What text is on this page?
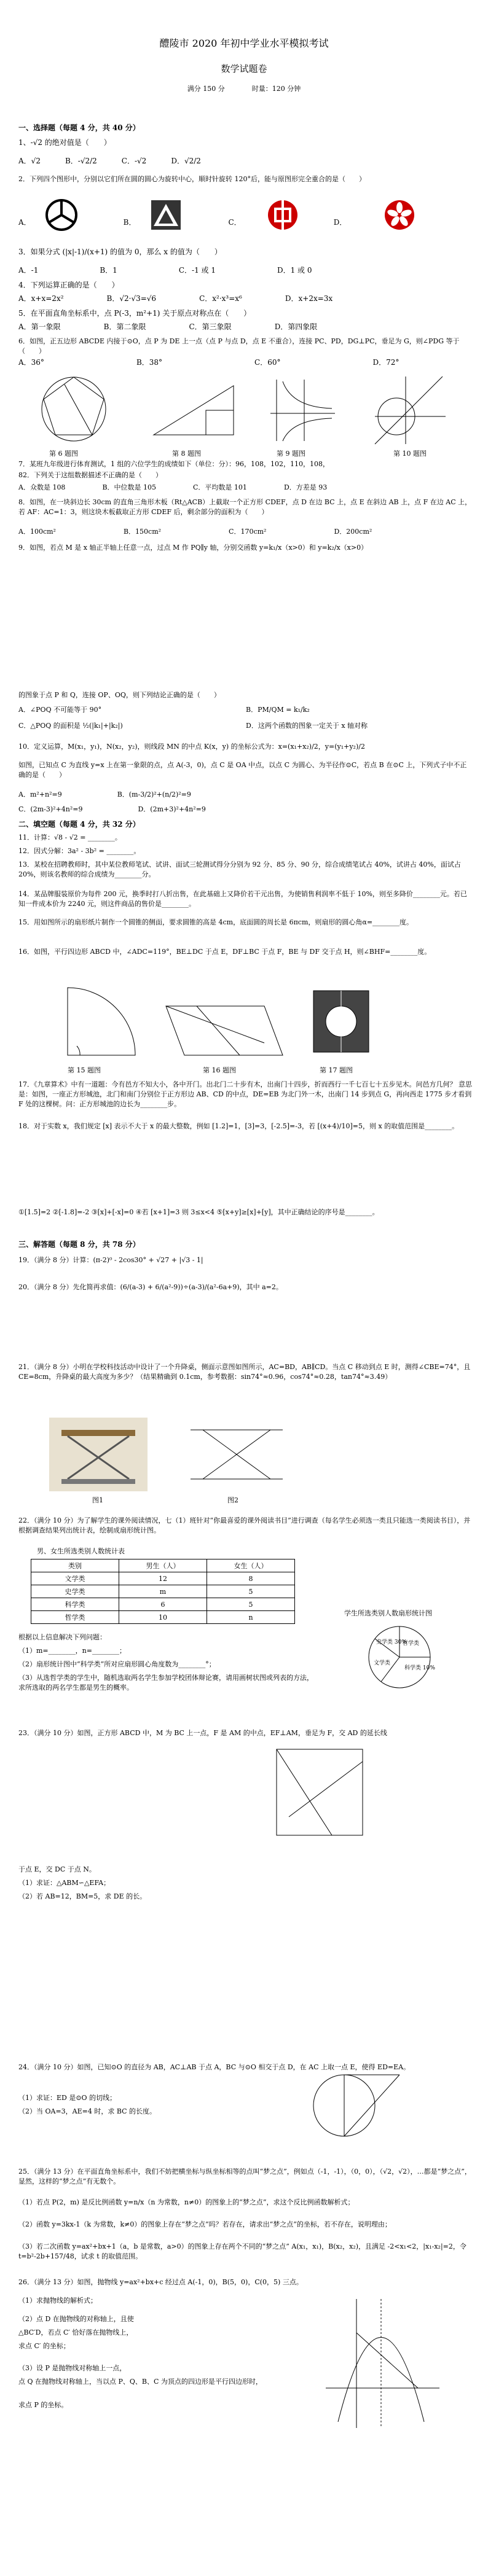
醴陵市 2020 年初中学业水平模拟考试
数学试题卷
满分 150 分　　　　时量：120 分钟
一、选择题（每题 4 分，共 40 分）
1、-√2 的绝对值是（　　）
A．√2	B．-√2/2	C．-√2	D．√2/2
2．下列四个图形中，分别以它们所在圆的圆心为旋转中心，顺时针旋转 120°后，能与原图形完全重合的是（　　）
A．	B．	C．	D．
3．如果分式 (|x|-1)/(x+1) 的值为 0，那么 x 的值为（　　）
A．-1	B．1	C．-1 或 1	D．1 或 0
4．下列运算正确的是（　　）
A．x+x=2x²	B．√2·√3=√6	C．x²·x³=x⁶	D．x+2x=3x
5．在平面直角坐标系中，点 P(-3，m²+1) 关于原点对称点在（　　）
A．第一象限	B．第二象限	C．第三象限	D．第四象限
6．如图，正五边形 ABCDE 内接于⊙O，点 P 为 DE 上一点（点 P 与点 D，点 E 不重合），连接 PC、PD，DG⊥PC，垂足为 G，则∠PDG 等于（　　）
A．36°	B．38°	C．60°	D．72°
第 6 题图	第 8 题图	第 9 题图	第 10 题图
7．某班九年级进行体育测试，1 组的六位学生的成绩如下（单位：分）：96，108，102，110，108，
82．下列关于这组数据描述不正确的是（　　）
A．众数是 108	B．中位数是 105	C．平均数是 101	D．方差是 93
8．如图，在一块斜边长 30cm 的直角三角形木板（Rt△ACB）上截取一个正方形 CDEF，点 D 在边 BC 上，点 E 在斜边 AB 上，点 F 在边 AC 上，若 AF：AC=1：3，则这块木板截取正方形 CDEF 后，剩余部分的面积为（　　）
A．100cm²	B．150cm²	C．170cm²	D．200cm²
9．如图，若点 M 是 x 轴正半轴上任意一点，过点 M 作 PQ∥y 轴，分别交函数 y=k₁/x（x>0）和 y=k₂/x（x>0）
的图象于点 P 和 Q，连接 OP、OQ，则下列结论正确的是（　　）
A．∠POQ 不可能等于 90°	B．PM/QM = k₁/k₂
C．△POQ 的面积是 ½(|k₁|+|k₂|)	D．这两个函数的图象一定关于 x 轴对称
10．定义运算，M(x₁，y₁)，N(x₂，y₂)，则线段 MN 的中点 K(x，y) 的坐标公式为：x=(x₁+x₂)/2，y=(y₁+y₂)/2
如图，已知点 C 为直线 y=x 上在第一象限的点，点 A(-3，0)，点 C 是 OA 中点，以点 C 为圆心、为半径作⊙C，若点 B 在⊙C 上，下列式子中不正确的是（　　）
A．m²+n²=9	B．(m-3/2)²+(n/2)²=9
C．(2m-3)²+4n²=9	D．(2m+3)²+4n²=9
二、填空题（每题 4 分，共 32 分）
11．计算：√8 - √2 = ________。
12．因式分解：3a² - 3b² = ________。
13．某校在招聘教师时，其中某位教师笔试、试讲、面试三轮测试得分分别为 92 分、85 分、90 分，综合成绩笔试占 40%，试讲占 40%，面试占 20%，则该名教师的综合成绩为________分。
14．某品牌服装原价为每件 200 元，换季时打八折出售，在此基础上又降价若干元出售，为使销售利润率不低于 10%，则至多降价________元。若已知一件成本价为 2240 元，则这件商品的售价是________。
15．用如图所示的扇形纸片制作一个圆锥的侧面，要求圆锥的高是 4cm，底面圆的周长是 6πcm，则扇形的圆心角α=________度。
16．如图，平行四边形 ABCD 中，∠ADC=119°，BE⊥DC 于点 E，DF⊥BC 于点 F，BE 与 DF 交于点 H，则∠BHF=________度。
第 15 题图	第 16 题图	第 17 题图
17．《九章算术》中有一道题：今有邑方不知大小，各中开门。出北门二十步有木，出南门十四步，折而西行一千七百七十五步见木。问邑方几何？ 意思是：如图，一座正方形城池，北门和南门分别位于正方形边 AB、CD 的中点，DE=EB 为北门外一木，出南门 14 步到点 G，再向西走 1775 步才看到 F 处的这棵树。问：正方形城池的边长为________步。
18．对于实数 x，我们规定 [x] 表示不大于 x 的最大整数，例如 [1.2]=1，[3]=3，[-2.5]=-3，若 [(x+4)/10]=5，则 x 的取值范围是________。
①[1.5]=2 ②[-1.8]=-2 ③[x]+[-x]=0 ④若 [x+1]=3 则 3≤x<4 ⑤[x+y]≥[x]+[y]，其中正确结论的序号是________。
三、解答题（每题 8 分，共 78 分）
19．（满分 8 分）计算：(π-2)⁰ - 2cos30° + √27 + |√3 - 1|
20．（满分 8 分）先化简再求值：(6/(a-3) + 6/(a²-9))÷(a-3)/(a²-6a+9)，其中 a=2。
21．（满分 8 分）小明在学校科技活动中设计了一个升降桌，侧面示意图如图所示，AC=BD，AB∥CD。当点 C 移动到点 E 时，测得∠CBE=74°，且 CE=8cm，升降桌的最大高度为多少？（结果精确到 0.1cm，参考数据：sin74°≈0.96，cos74°≈0.28，tan74°≈3.49）
图1	图2
22．（满分 10 分）为了解学生的课外阅读情况，七（1）班针对“你最喜爱的课外阅读书目”进行调查（每名学生必须选一类且只能选一类阅读书目），并根据调查结果列出统计表，绘制成扇形统计图。
男、女生所选类别人数统计表
类别	男生（人）	女生（人）
文学类	12	8
史学类	m	5
科学类	6	5
哲学类	10	n	学生所选类别人数扇形统计图
哲学类
科学类 10%
文学类
史学类 30%
根据以上信息解决下列问题：
（1）m=________，n=________；
（2）扇形统计图中“科学类”所对应扇形圆心角度数为________°；
（3）从选哲学类的学生中，随机选取两名学生参加学校团体辩论赛，请用画树状图或列表的方法，求所选取的两名学生都是男生的概率。
23．（满分 10 分）如图，正方形 ABCD 中，M 为 BC 上一点，F 是 AM 的中点，EF⊥AM，垂足为 F，交 AD 的延长线
于点 E，交 DC 于点 N。
（1）求证：△ABM∽△EFA；
（2）若 AB=12，BM=5，求 DE 的长。
24．（满分 10 分）如图，已知⊙O 的直径为 AB，AC⊥AB 于点 A，BC 与⊙O 相交于点 D，在 AC 上取一点 E，使得 ED=EA。
（1）求证：ED 是⊙O 的切线；
（2）当 OA=3，AE=4 时，求 BC 的长度。
25．（满分 13 分）在平面直角坐标系中，我们不妨把横坐标与纵坐标相等的点叫“梦之点”，例如点（-1，-1），（0，0），（√2，√2），…都是“梦之点”，显然，这样的“梦之点”有无数个。
（1）若点 P(2，m) 是反比例函数 y=n/x（n 为常数，n≠0）的图象上的“梦之点”，求这个反比例函数解析式；
（2）函数 y=3kx-1（k 为常数，k≠0）的图象上存在“梦之点”吗？若存在，请求出“梦之点”的坐标，若不存在，说明理由；
（3）若二次函数 y=ax²+bx+1（a，b 是常数，a>0）的图象上存在两个不同的“梦之点” A(x₁，x₁)，B(x₂，x₂)，且满足 -2<x₁<2，|x₁-x₂|=2，令 t=b²-2b+157/48，试求 t 的取值范围。
26．（满分 13 分）如图，抛物线 y=ax²+bx+c 经过点 A(-1，0)，B(5，0)，C(0，5) 三点。
（1）求抛物线的解析式；
（2）点 D 在抛物线的对称轴上，且使
△BC′D，若点 C′ 恰好落在抛物线上，
求点 C′ 的坐标；
（3）设 P 是抛物线对称轴上一点，
点 Q 在抛物线对称轴上，当以点 P、Q、B、C 为顶点的四边形是平行四边形时，
求点 P 的坐标。
